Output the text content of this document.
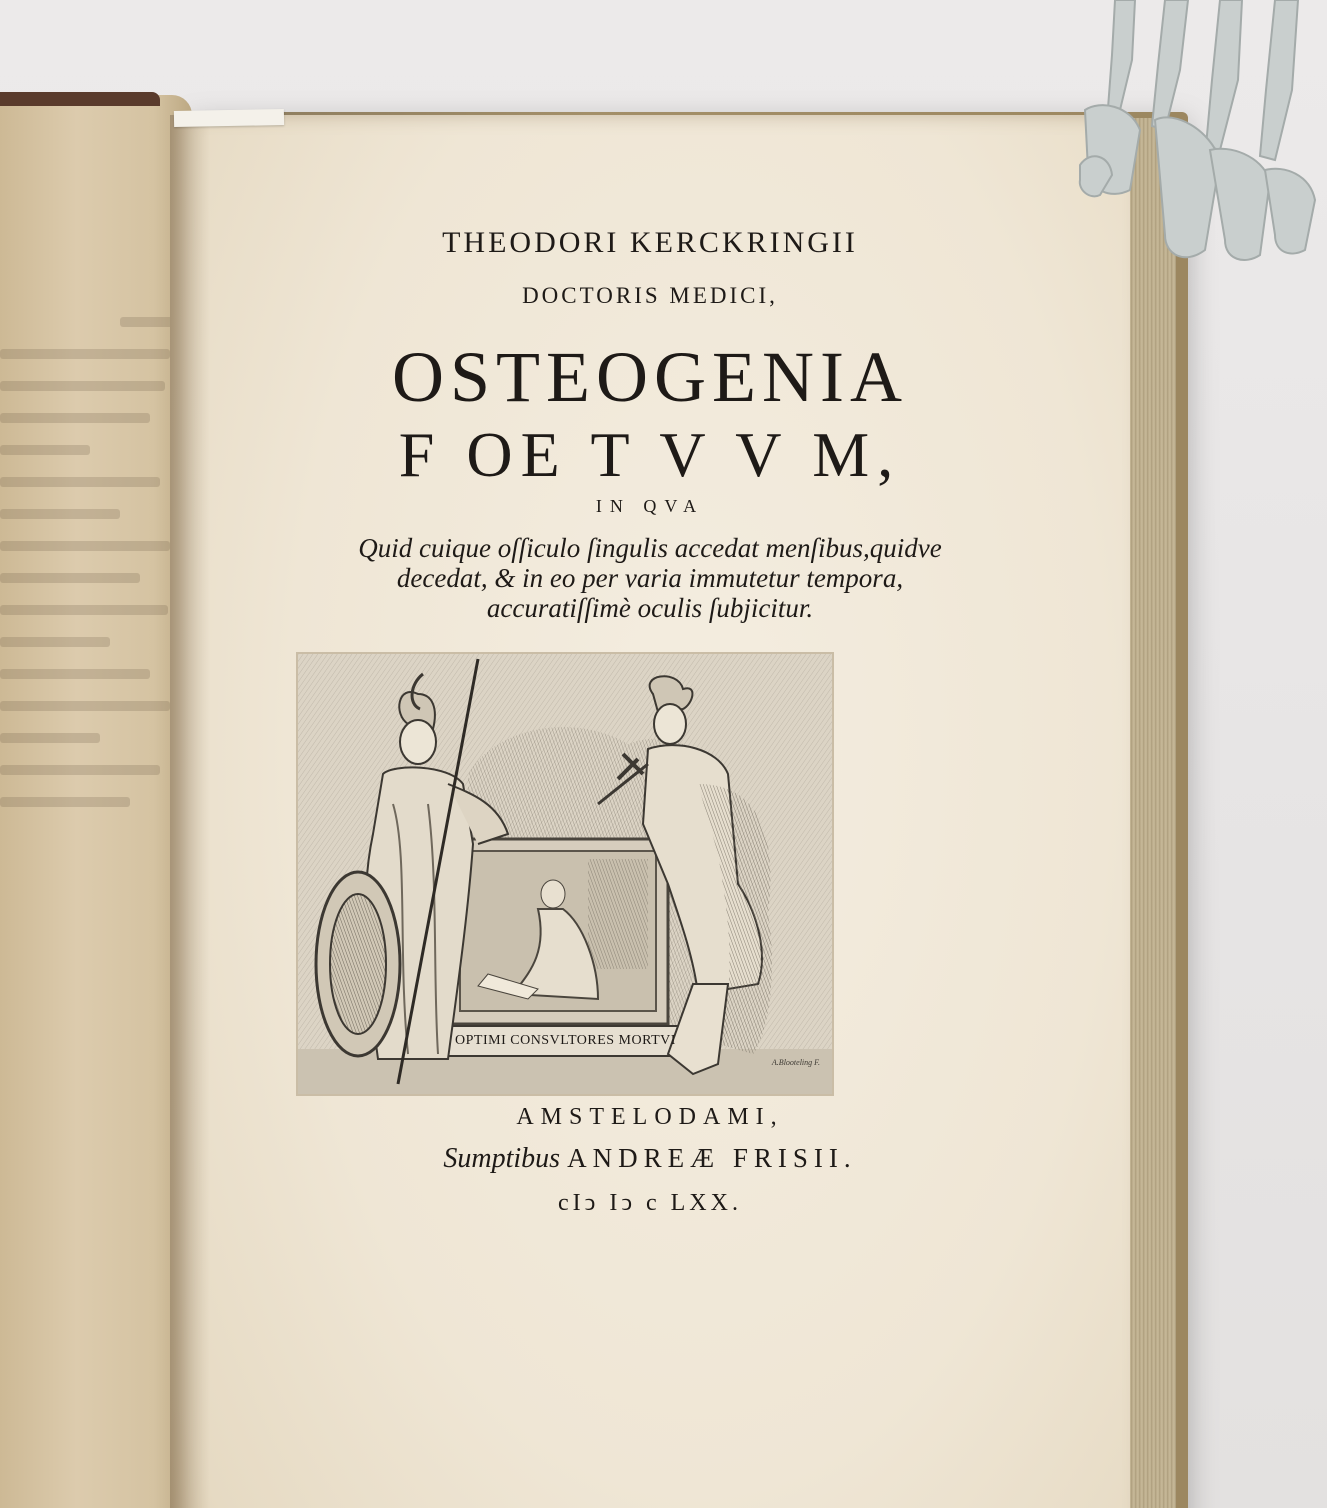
THEODORI KERCKRINGII
DOCTORIS MEDICI,
OSTEOGENIA
F OE T V V M,
IN QVA
Quid cuique oſſiculo ſingulis accedat menſibus,quidve
decedat, & in eo per varia immutetur tempora,
accuratiſſimè oculis ſubjicitur.
OPTIMI CONSVLTORES MORTVI
A.Blooteling F.
AMSTELODAMI,
Sumptibus ANDREÆ FRISII.
cIↄ Iↄ c LXX.
